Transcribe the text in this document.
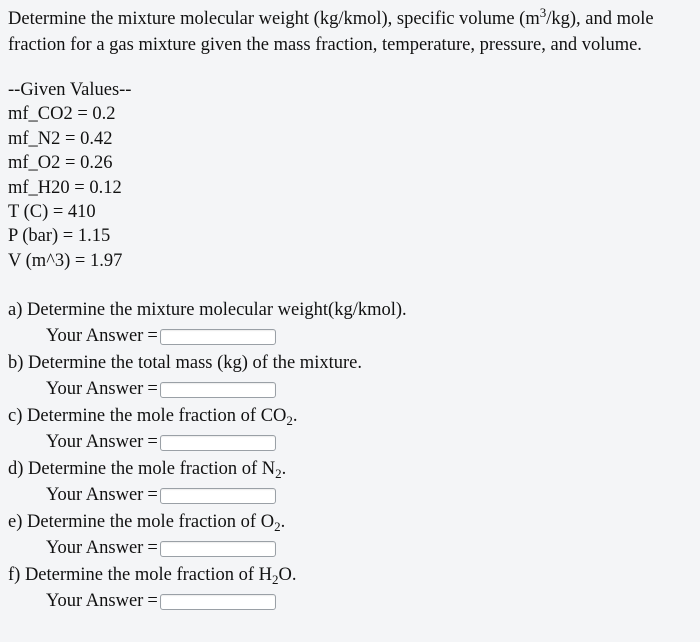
Determine the mixture molecular weight (kg/kmol), specific volume $(m^3/kg)$, and mole fraction for a gas mixture given the mass fraction, temperature, pressure, and volume.

--Given Values--
mf_CO2 = 0.2
mf_N2 = 0.42
mf_O2 = 0.26
mf_H20 = 0.12
T (C) = 410
P (bar) = 1.15
V (m^3) = 1.97
a) Determine the mixture molecular weight(kg/kmol).
Your Answer =
b) Determine the total mass (kg) of the mixture.
Your Answer =
c) Determine the mole fraction of $CO_2$.
Your Answer =
d) Determine the mole fraction of $N_2$.
Your Answer =
e) Determine the mole fraction of $O_2$.
Your Answer =
f) Determine the mole fraction of $H_2O$.
Your Answer =
